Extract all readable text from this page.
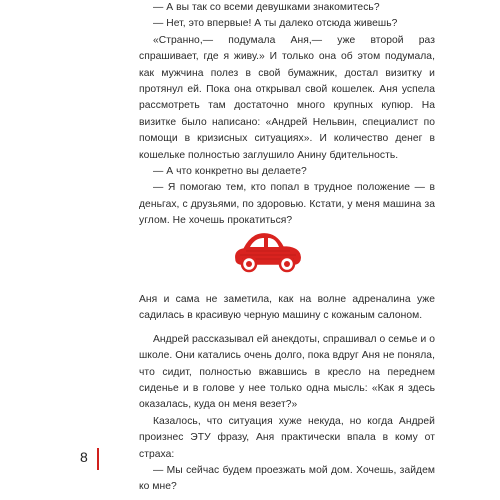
— А вы так со всеми девушками знакомитесь?

— Нет, это впервые! А ты далеко отсюда живешь?

«Странно,— подумала Аня,— уже второй раз спрашивает, где я живу.» И только она об этом подумала, как мужчина полез в свой бумажник, достал визитку и протянул ей. Пока она открывал свой кошелек. Аня успела рассмотреть там достаточно много крупных купюр. На визитке было написано: «Андрей Нельвин, специалист по помощи в кризисных ситуациях». И количество денег в кошельке полностью заглушило Анину бдительность.

— А что конкретно вы делаете?

— Я помогаю тем, кто попал в трудное положение — в деньгах, с друзьями, по здоровью. Кстати, у меня машина за углом. Не хочешь прокатиться?

Аня и сама не заметила, как на волне адреналина уже садилась в красивую черную машину с кожаным салоном.

Андрей рассказывал ей анекдоты, спрашивал о семье и о школе. Они катались очень долго, пока вдруг Аня не поняла, что сидит, полностью вжавшись в кресло на переднем сиденье и в голове у нее только одна мысль: «Как я здесь оказалась, куда он меня везет?»

Казалось, что ситуация хуже некуда, но когда Андрей произнес ЭТУ фразу, Аня практически впала в кому от страха:

— Мы сейчас будем проезжать мой дом. Хочешь, зайдем ко мне?

8
